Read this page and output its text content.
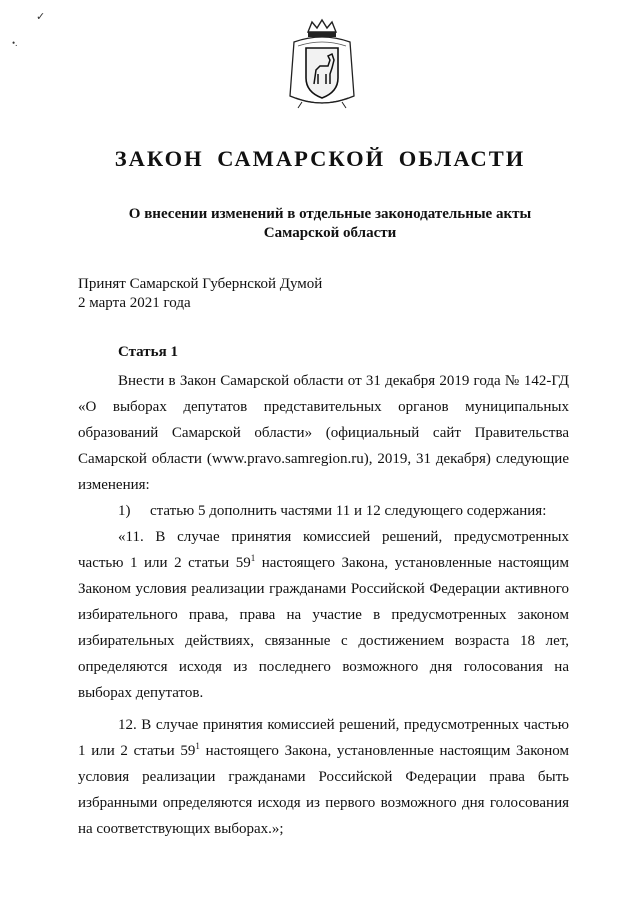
✓
•.
ЗАКОН САМАРСКОЙ ОБЛАСТИ
О внесении изменений в отдельные законодательные акты
Самарской области
Принят Самарской Губернской Думой
2 марта 2021 года
Статья 1

Внести в Закон Самарской области от 31 декабря 2019 года № 142-ГД «О выборах депутатов представительных органов муниципальных образований Самарской области» (официальный сайт Правительства Самарской области (www.pravo.samregion.ru), 2019, 31 декабря) следующие изменения:

1)	статью 5 дополнить частями 11 и 12 следующего содержания:

«11. В случае принятия комиссией решений, предусмотренных частью 1 или 2 статьи $59^1$ настоящего Закона, установленные настоящим Законом условия реализации гражданами Российской Федерации активного избирательного права, права на участие в предусмотренных законом избирательных действиях, связанные с достижением возраста 18 лет, определяются исходя из последнего возможного дня голосования на выборах депутатов.

12. В случае принятия комиссией решений, предусмотренных частью 1 или 2 статьи $59^1$ настоящего Закона, установленные настоящим Законом условия реализации гражданами Российской Федерации права быть избранными определяются исходя из первого возможного дня голосования на соответствующих выборах.»;
